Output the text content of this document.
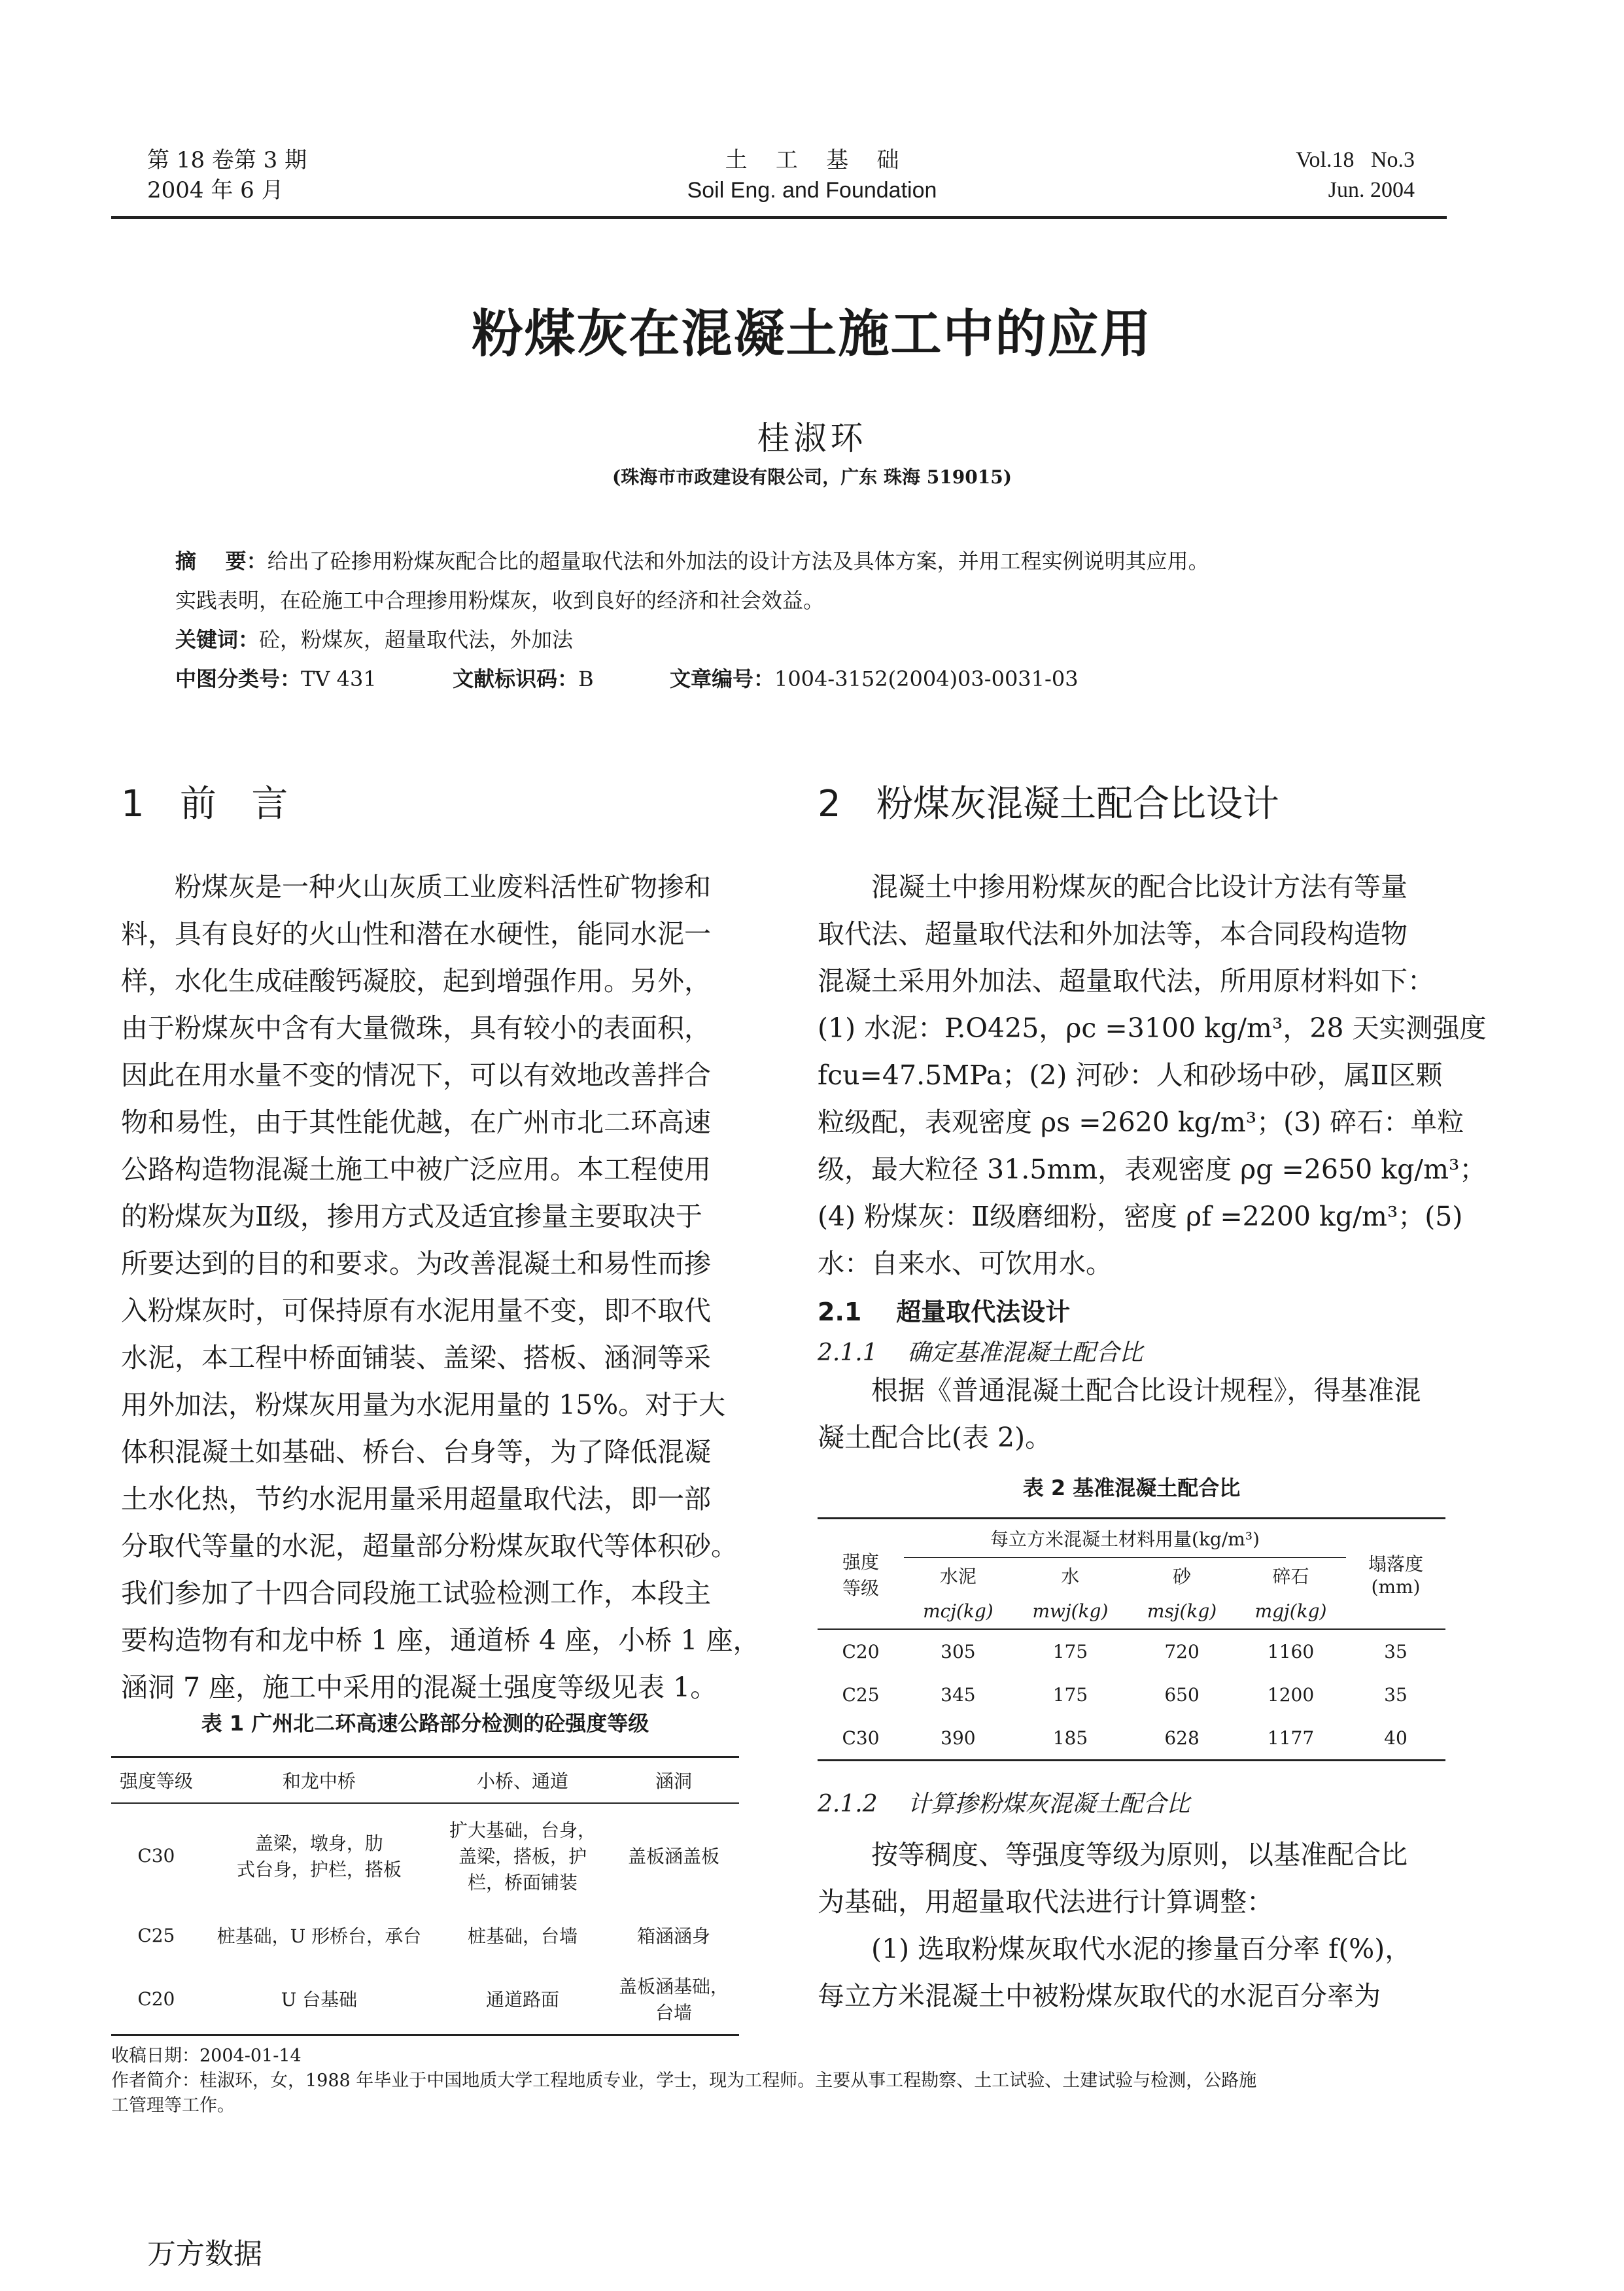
第 18 卷第 3 期
2004 年 6 月
土    工    基    础
Soil Eng. and Foundation
Vol.18   No.3
Jun. 2004
粉煤灰在混凝土施工中的应用
桂淑环
(珠海市市政建设有限公司，广东 珠海 519015)
摘    要：给出了砼掺用粉煤灰配合比的超量取代法和外加法的设计方法及具体方案，并用工程实例说明其应用。
实践表明，在砼施工中合理掺用粉煤灰，收到良好的经济和社会效益。
关键词：砼，粉煤灰，超量取代法，外加法
中图分类号：TV 431	文献标识码：B	文章编号：1004-3152(2004)03-0031-03
1 前   言

　　粉煤灰是一种火山灰质工业废料活性矿物掺和

料，具有良好的火山性和潜在水硬性，能同水泥一

样，水化生成硅酸钙凝胶，起到增强作用。另外，

由于粉煤灰中含有大量微珠，具有较小的表面积，

因此在用水量不变的情况下，可以有效地改善拌合

物和易性，由于其性能优越，在广州市北二环高速

公路构造物混凝土施工中被广泛应用。本工程使用

的粉煤灰为Ⅱ级，掺用方式及适宜掺量主要取决于

所要达到的目的和要求。为改善混凝土和易性而掺

入粉煤灰时，可保持原有水泥用量不变，即不取代

水泥，本工程中桥面铺装、盖梁、搭板、涵洞等采

用外加法，粉煤灰用量为水泥用量的 15%。对于大

体积混凝土如基础、桥台、台身等，为了降低混凝

土水化热，节约水泥用量采用超量取代法，即一部

分取代等量的水泥，超量部分粉煤灰取代等体积砂。

我们参加了十四合同段施工试验检测工作，本段主

要构造物有和龙中桥 1 座，通道桥 4 座，小桥 1 座，

涵洞 7 座，施工中采用的混凝土强度等级见表 1。

表 1 广州北二环高速公路部分检测的砼强度等级
强度等级	和龙中桥	小桥、通道	涵洞
C30	盖梁，墩身，肋
式台身，护栏，搭板	扩大基础，台身，
盖梁，搭板，护
栏，桥面铺装	盖板涵盖板
C25	桩基础，U 形桥台，承台	桩基础，台墙	箱涵涵身
C20	U 台基础	通道路面	盖板涵基础，
台墙
2 粉煤灰混凝土配合比设计

　　混凝土中掺用粉煤灰的配合比设计方法有等量

取代法、超量取代法和外加法等，本合同段构造物

混凝土采用外加法、超量取代法，所用原材料如下：

(1) 水泥：P.O425，ρc =3100 kg/m³，28 天实测强度

fcu=47.5MPa；(2) 河砂：人和砂场中砂，属Ⅱ区颗

粒级配，表观密度 ρs =2620 kg/m³；(3) 碎石：单粒

级，最大粒径 31.5mm，表观密度 ρg =2650 kg/m³；

(4) 粉煤灰：Ⅱ级磨细粉，密度 ρf =2200 kg/m³；(5)

水：自来水、可饮用水。

2.1    超量取代法设计
2.1.1    确定基准混凝土配合比

　　根据《普通混凝土配合比设计规程》，得基准混

凝土配合比(表 2)。

表 2 基准混凝土配合比
强度
等级	每立方米混凝土材料用量(kg/m³)				塌落度
(mm)
	水泥	水	砂	碎石	
	mcj(kg)	mwj(kg)	msj(kg)	mgj(kg)	
C20	305	175	720	1160	35
C25	345	175	650	1200	35
C30	390	185	628	1177	40
2.1.2    计算掺粉煤灰混凝土配合比

　　按等稠度、等强度等级为原则，以基准配合比

为基础，用超量取代法进行计算调整：

　　(1) 选取粉煤灰取代水泥的掺量百分率 f(%)，

每立方米混凝土中被粉煤灰取代的水泥百分率为

收稿日期：2004-01-14
作者简介：桂淑环，女，1988 年毕业于中国地质大学工程地质专业，学士，现为工程师。主要从事工程勘察、土工试验、土建试验与检测，公路施
工管理等工作。
万方数据
